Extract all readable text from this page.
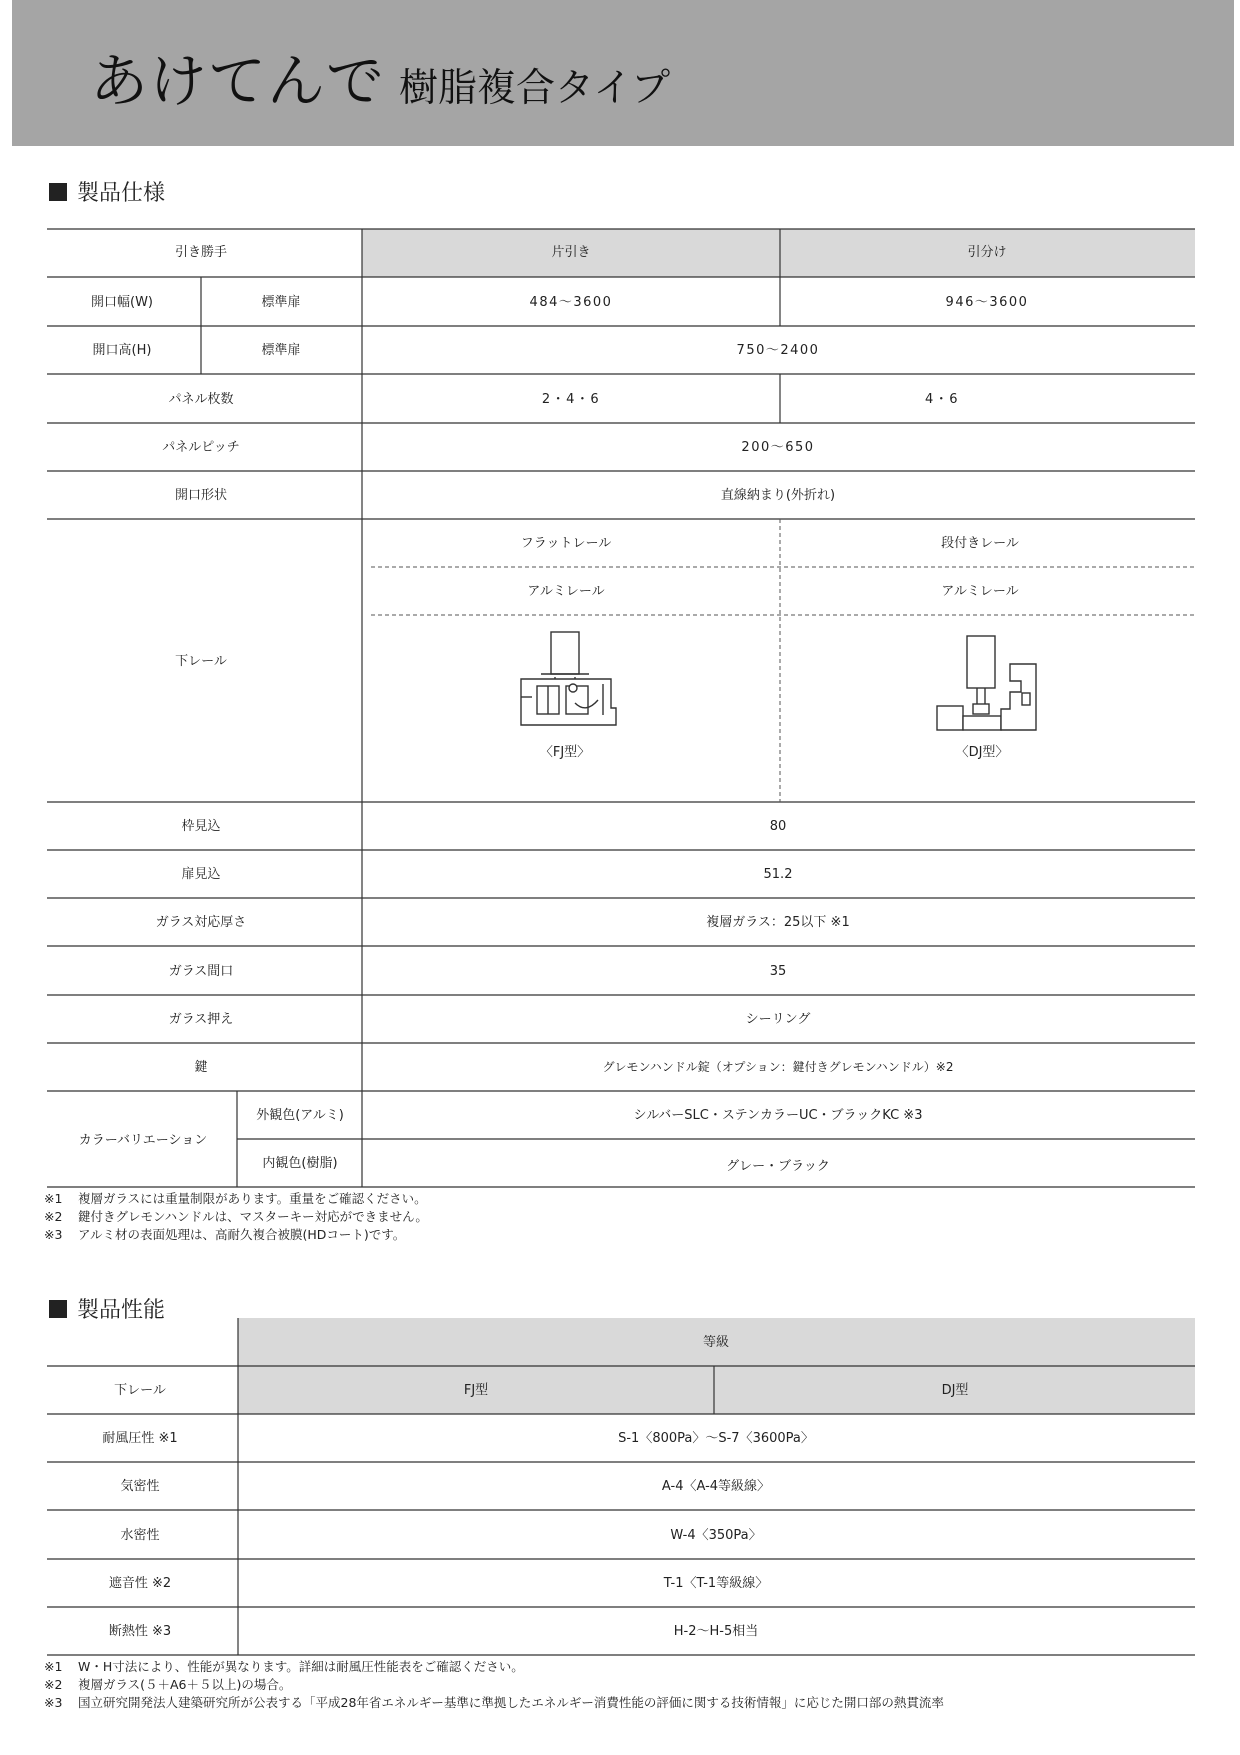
あけてんで 樹脂複合タイプ
製品仕様
引き勝手	片引き	引分け
開口幅(W)	標準扉	484〜3600	946〜3600
開口高(H)	標準扉	750〜2400
パネル枚数	2・4・6	4・6
パネルピッチ	200〜650
開口形状	直線納まり(外折れ)
下レール
フラットレール	段付きレール
アルミレール	アルミレール
〈FJ型〉	〈DJ型〉
枠見込	80
扉見込	51.2
ガラス対応厚さ	複層ガラス：25以下 ※1
ガラス間口	35
ガラス押え	シーリング
鍵	グレモンハンドル錠（オプション：鍵付きグレモンハンドル）※2
カラーバリエーション
外観色(アルミ)	シルバーSLC・ステンカラーUC・ブラックKC ※3
内観色(樹脂)	グレー・ブラック
※1 複層ガラスには重量制限があります。重量をご確認ください。
※2 鍵付きグレモンハンドルは、マスターキー対応ができません。
※3 アルミ材の表面処理は、高耐久複合被膜(HDコート)です。
製品性能
等級
下レール	FJ型	DJ型
耐風圧性 ※1	S-1〈800Pa〉〜S-7〈3600Pa〉
気密性	A-4〈A-4等級線〉
水密性	W-4〈350Pa〉
遮音性 ※2	T-1〈T-1等級線〉
断熱性 ※3	H-2〜H-5相当
※1 W・H寸法により、性能が異なります。詳細は耐風圧性能表をご確認ください。
※2 複層ガラス(５＋A6＋５以上)の場合。
※3 国立研究開発法人建築研究所が公表する「平成28年省エネルギー基準に準拠したエネルギー消費性能の評価に関する技術情報」に応じた開口部の熱貫流率
